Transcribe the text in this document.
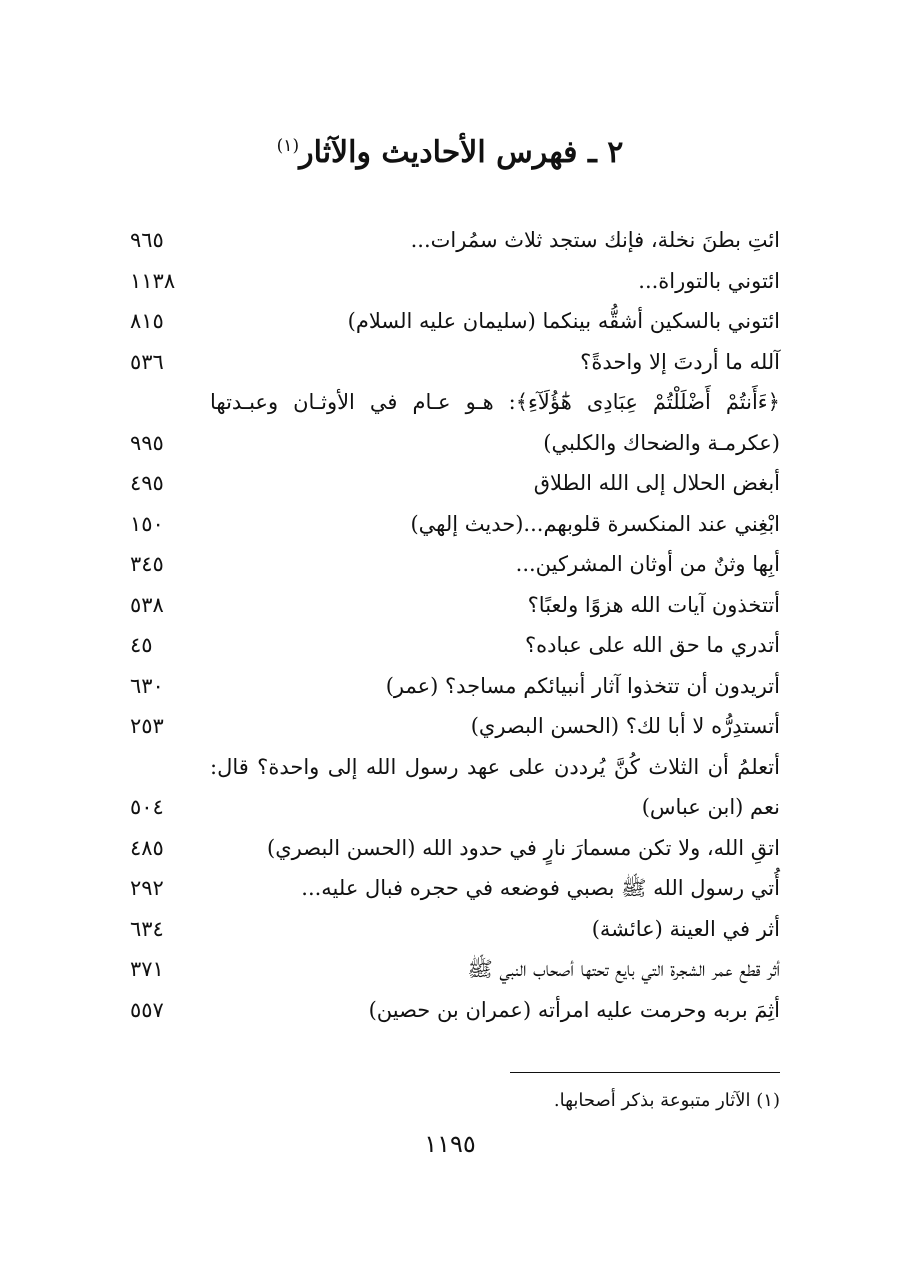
٢ ـ فهرس الأحاديث والآثار$^{(١)}$
ائتِ بطنَ نخلة، فإنك ستجد ثلاث سمُرات...
٩٦٥
ائتوني بالتوراة...
١١٣٨
ائتوني بالسكين أشقُّه بينكما (سليمان عليه السلام)
٨١٥
آلله ما أردتَ إلا واحدةً؟
٥٣٦
﴿ءَأَنتُمْ أَضْلَلْتُمْ عِبَادِى هَٰٓؤُلَآءِ﴾: هـو عـام في الأوثـان وعبـدتها (عكرمـة والضحاك والكلبي)
٩٩٥
أبغض الحلال إلى الله الطلاق
٤٩٥
ابْغِني عند المنكسرة قلوبهم...(حديث إلهي)
١٥٠
أبِها وثنٌ من أوثان المشركين...
٣٤٥
أتتخذون آيات الله هزوًا ولعبًا؟
٥٣٨
أتدري ما حق الله على عباده؟
٤٥
أتريدون أن تتخذوا آثار أنبيائكم مساجد؟ (عمر)
٦٣٠
أتستدِرُّه لا أبا لك؟ (الحسن البصري)
٢٥٣
أتعلمُ أن الثلاث كُنَّ يُرددن على عهد رسول الله إلى واحدة؟ قال: نعم (ابن عباس)
٥٠٤
اتقِ الله، ولا تكن مسمارَ نارٍ في حدود الله (الحسن البصري)
٤٨٥
أُتي رسول الله ﷺ بصبي فوضعه في حجره فبال عليه...
٢٩٢
أثر في العينة (عائشة)
٦٣٤
أثر قطع عمر الشجرة التي بايع تحتها أصحاب النبي ﷺ
٣٧١
أثِمَ بربه وحرمت عليه امرأته (عمران بن حصين)
٥٥٧
(١) الآثار متبوعة بذكر أصحابها.
١١٩٥
